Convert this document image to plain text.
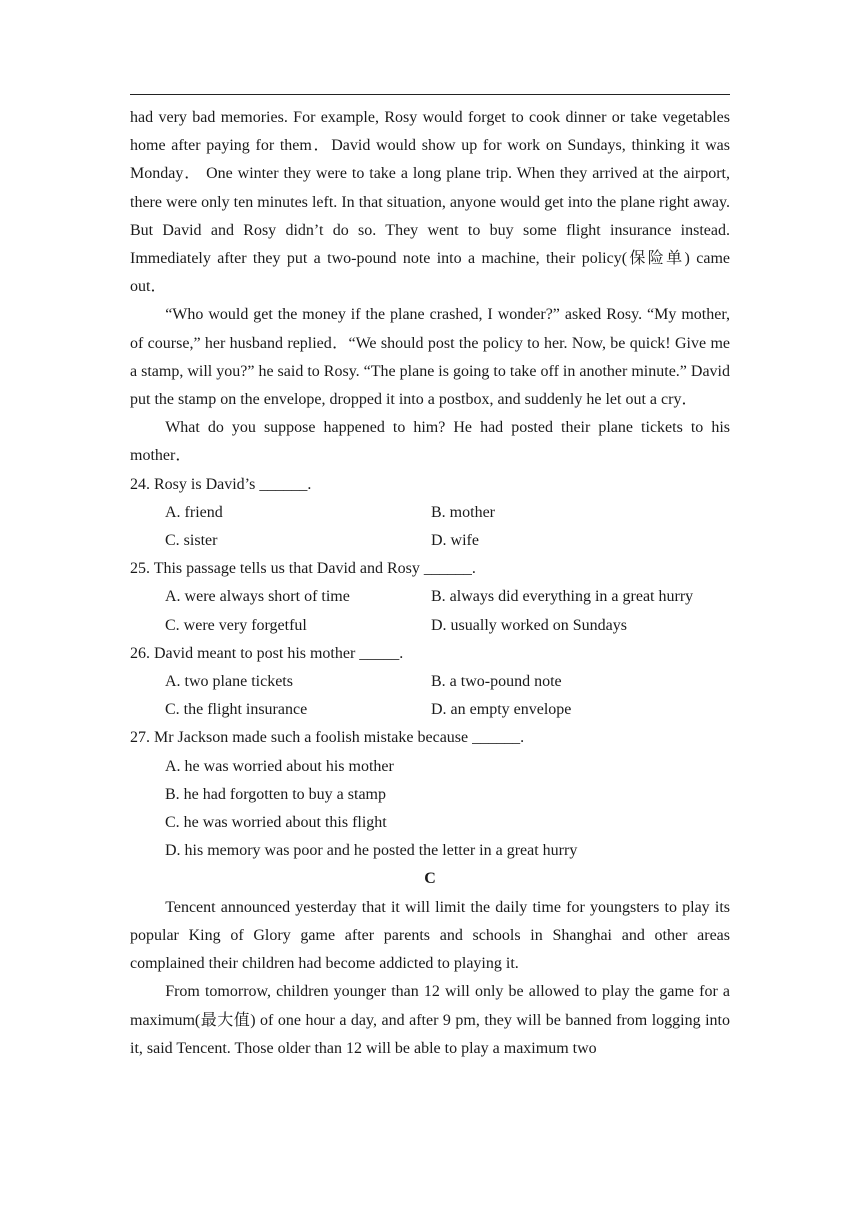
had very bad memories. For example, Rosy would forget to cook dinner or take vegetables home after paying for them．David would show up for work on Sundays, thinking it was Monday． One winter they were to take a long plane trip. When they arrived at the airport, there were only ten minutes left. In that situation, anyone would get into the plane right away. But David and Rosy didn’t do so. They went to buy some flight insurance instead. Immediately after they put a two-pound note into a machine, their policy(保险单) came out．

“Who would get the money if the plane crashed, I wonder?” asked Rosy. “My mother, of course,” her husband replied．“We should post the policy to her. Now, be quick! Give me a stamp, will you?” he said to Rosy. “The plane is going to take off in another minute.” David put the stamp on the envelope, dropped it into a postbox, and suddenly he let out a cry．

What do you suppose happened to him? He had posted their plane tickets to his mother．

24. Rosy is David’s ______.

A. friend	B. mother
C. sister	D. wife

25. This passage tells us that David and Rosy ______.

A. were always short of time	B. always did everything in a great hurry
C. were very forgetful	D. usually worked on Sundays

26. David meant to post his mother _____.

A. two plane tickets	B. a two-pound note
C. the flight insurance	D. an empty envelope

27. Mr Jackson made such a foolish mistake because ______.

A. he was worried about his mother
B. he had forgotten to buy a stamp
C. he was worried about this flight
D. his memory was poor and he posted the letter in a great hurry

C

Tencent announced yesterday that it will limit the daily time for youngsters to play its popular King of Glory game after parents and schools in Shanghai and other areas complained their children had become addicted to playing it.

From tomorrow, children younger than 12 will only be allowed to play the game for a maximum(最大值) of one hour a day, and after 9 pm, they will be banned from logging into it, said Tencent. Those older than 12 will be able to play a maximum two
